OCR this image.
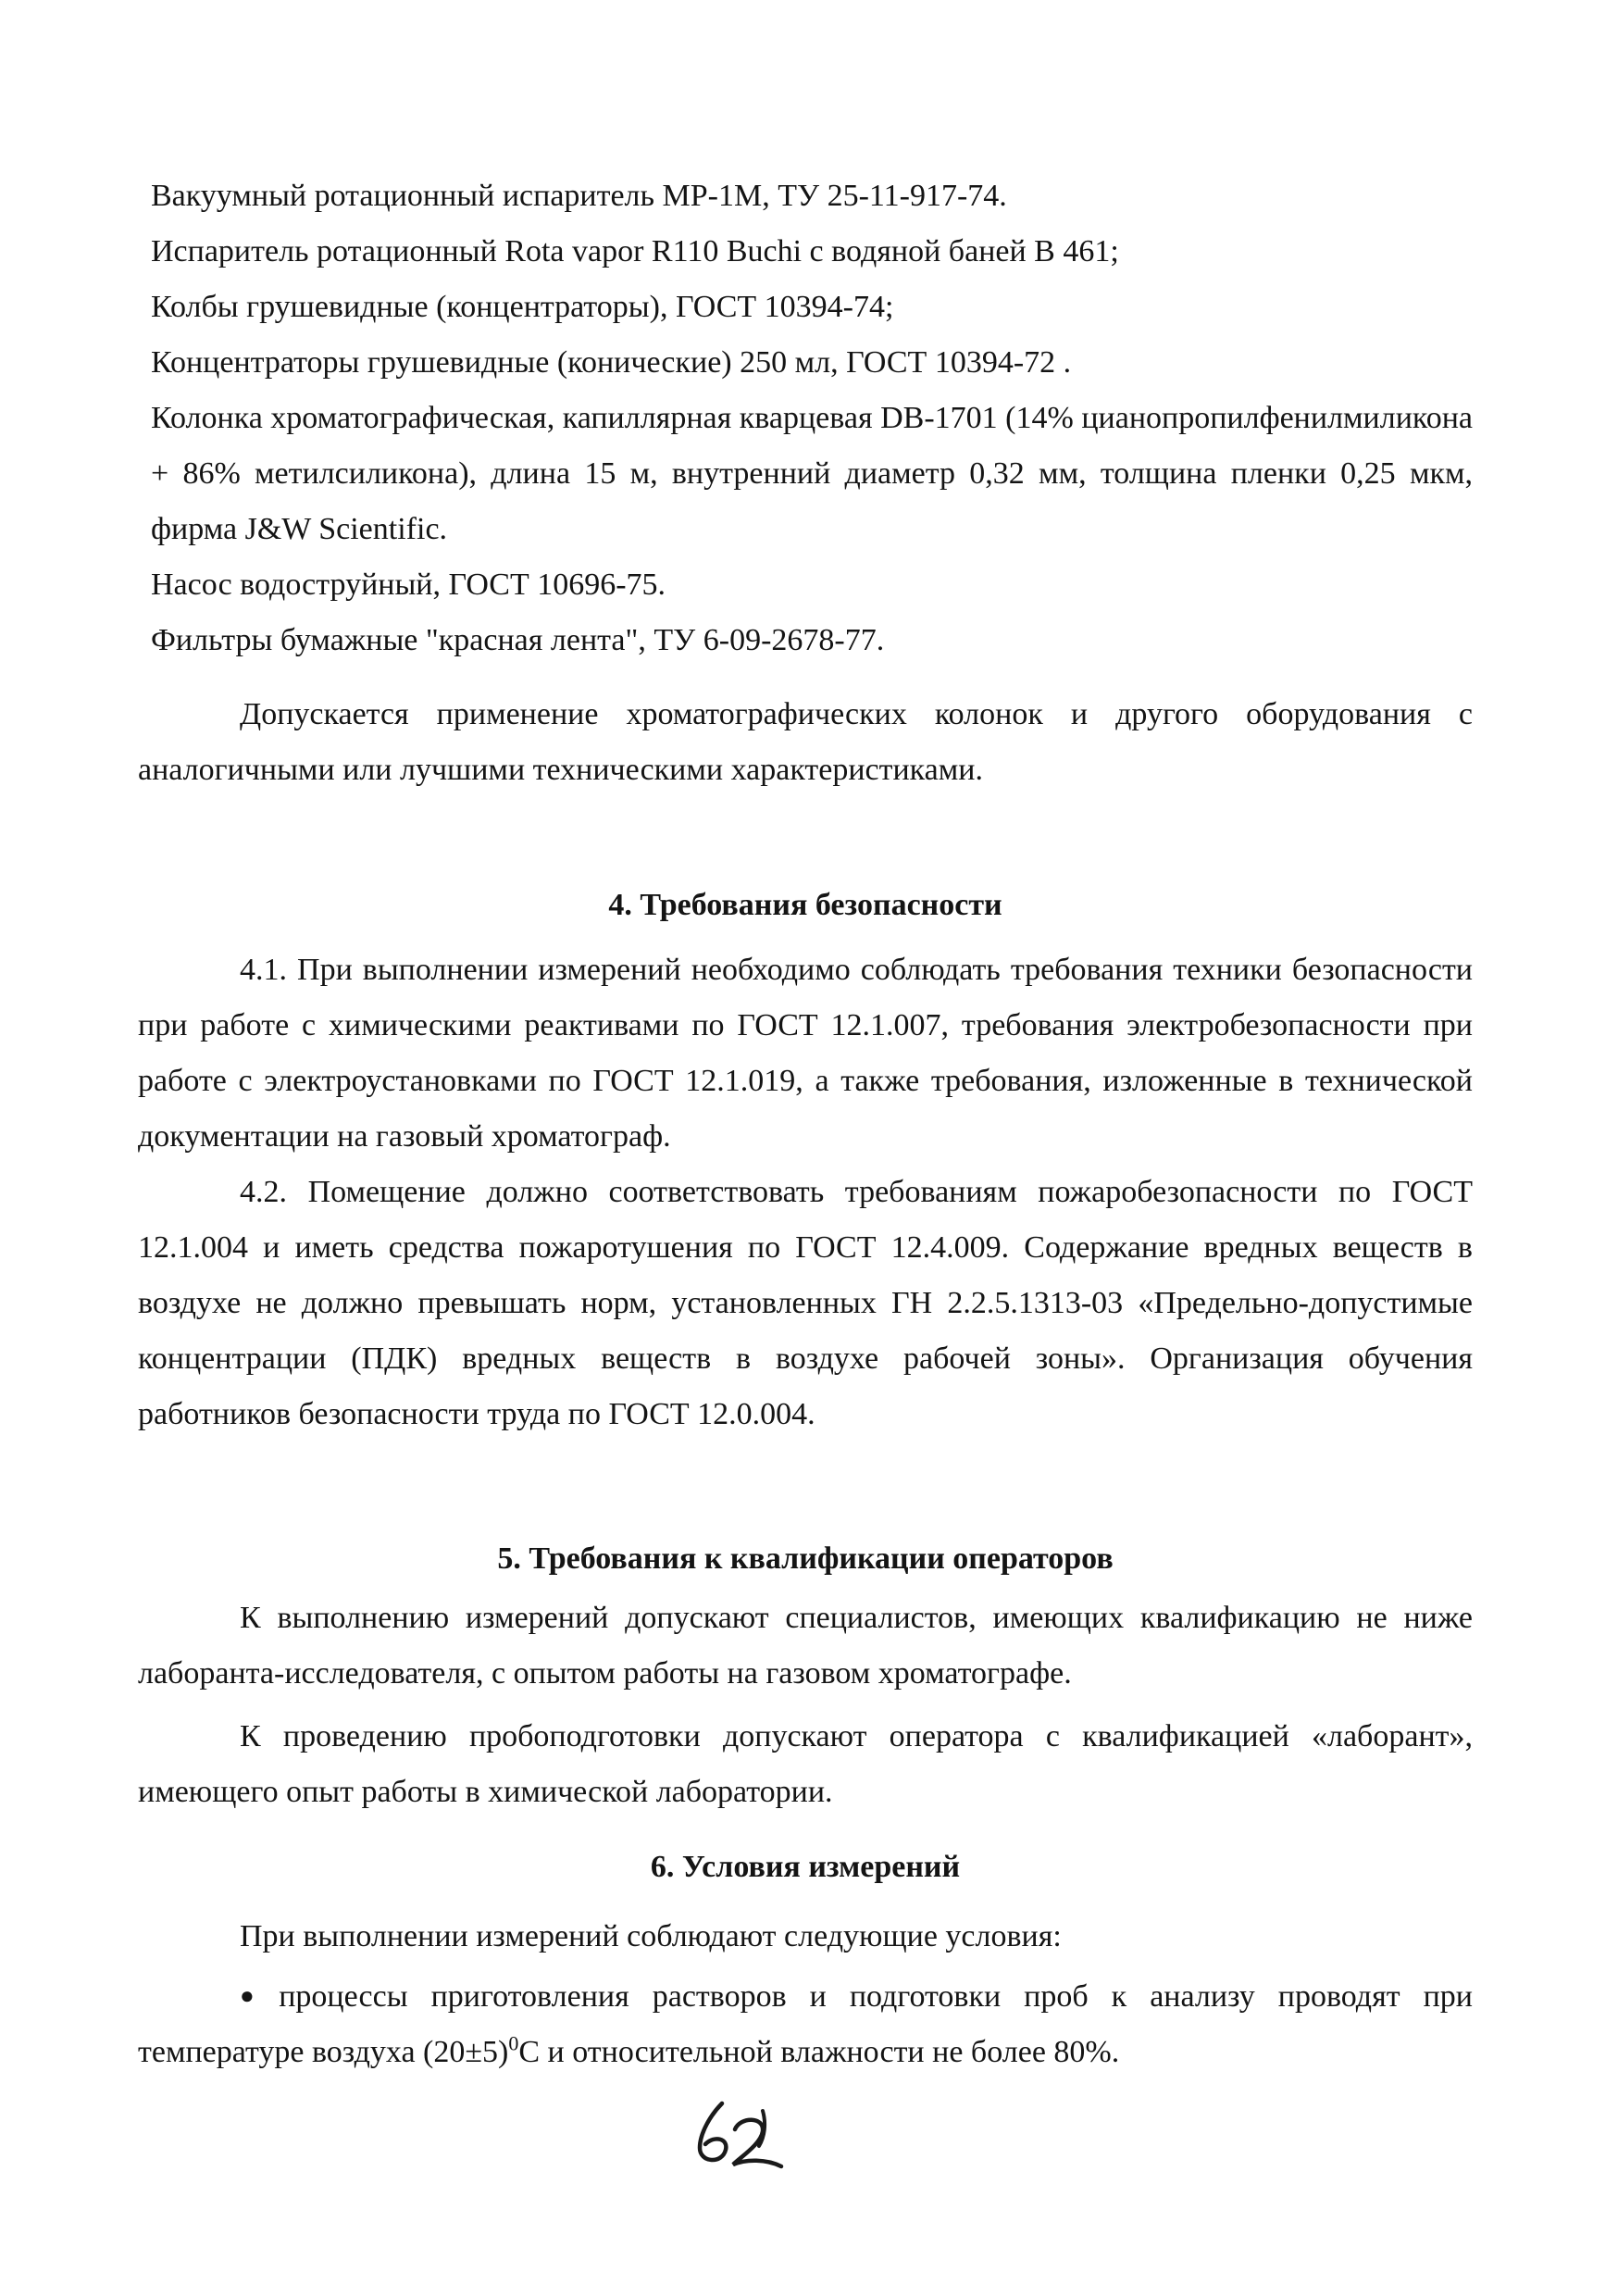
Вакуумный ротационный испаритель МР-1М, ТУ 25-11-917-74.

Испаритель ротационный Rota vapor R110 Buchi с водяной баней В 461;

Колбы грушевидные (концентраторы), ГОСТ 10394-74;

Концентраторы грушевидные (конические) 250 мл, ГОСТ 10394-72 .

Колонка хроматографическая, капиллярная кварцевая DB-1701 (14% цианопропилфенилмиликона + 86% метилсиликона), длина 15 м, внутренний диаметр 0,32 мм, толщина пленки 0,25 мкм, фирма J&W Scientific.

Насос водоструйный, ГОСТ 10696-75.

Фильтры бумажные "красная лента", ТУ 6-09-2678-77.

Допускается применение хроматографических колонок и другого оборудования с аналогичными или лучшими техническими характеристиками.

4. Требования безопасности

4.1. При выполнении измерений необходимо соблюдать требования техники безопасности при работе с химическими реактивами по ГОСТ 12.1.007, требования электробезопасности при работе с электроустановками по ГОСТ 12.1.019, а также требования, изложенные в технической документации на газовый хроматограф.

4.2. Помещение должно соответствовать требованиям пожаробезопасности по ГОСТ 12.1.004 и иметь средства пожаротушения по ГОСТ 12.4.009. Содержание вредных веществ в воздухе не должно превышать норм, установленных ГН 2.2.5.1313-03 «Предельно-допустимые концентрации (ПДК) вредных веществ в воздухе рабочей зоны». Организация обучения работников безопасности труда по ГОСТ 12.0.004.

5. Требования к квалификации операторов

К выполнению измерений допускают специалистов, имеющих квалификацию не ниже лаборанта-исследователя, с опытом работы на газовом хроматографе.

К проведению пробоподготовки допускают оператора с квалификацией «лаборант», имеющего опыт работы в химической лаборатории.

6. Условия измерений

При выполнении измерений соблюдают следующие условия:

● процессы приготовления растворов и подготовки проб к анализу проводят при температуре воздуха $(20\pm 5)^0С$ и относительной влажности не более 80%.
